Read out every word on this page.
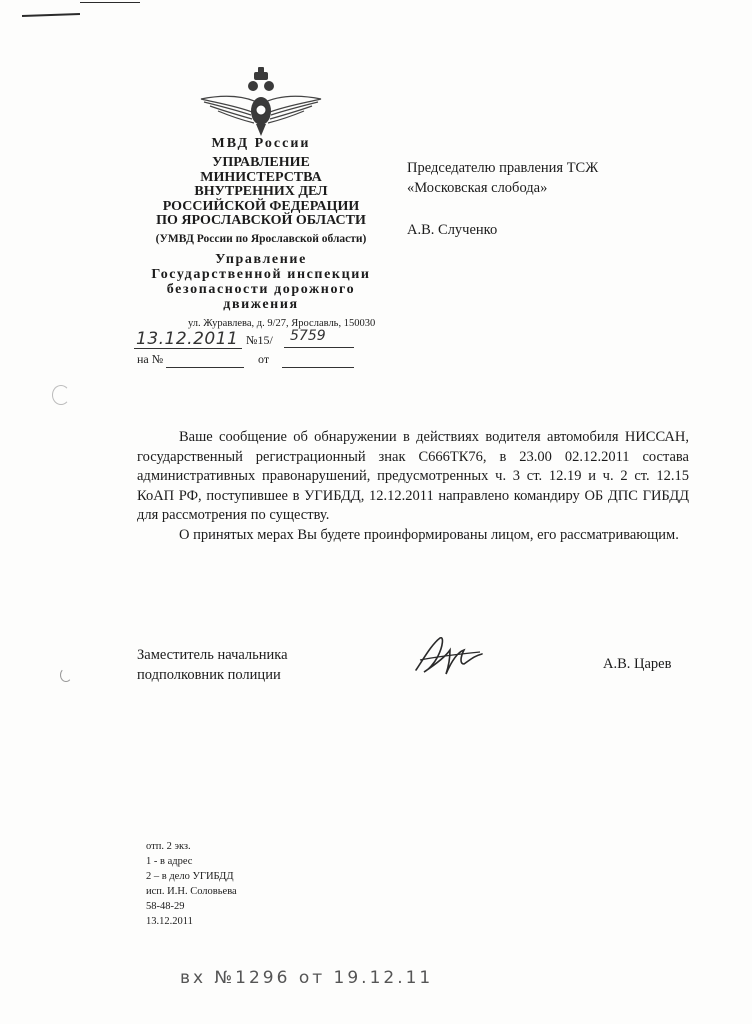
МВД России
УПРАВЛЕНИЕ
МИНИСТЕРСТВА
ВНУТРЕННИХ ДЕЛ
РОССИЙСКОЙ ФЕДЕРАЦИИ
ПО ЯРОСЛАВСКОЙ ОБЛАСТИ
(УМВД России по Ярославской области)
Управление
Государственной инспекции
безопасности дорожного
движения
ул. Журавлева, д. 9/27, Ярославль, 150030
13.12.2011 №15/ 5759
на №	от
Председателю правления ТСЖ
«Московская слобода»
А.В. Слученко

Ваше сообщение об обнаружении в действиях водителя автомобиля НИССАН, государственный регистрационный знак С666ТК76, в 23.00 02.12.2011 состава административных правонарушений, предусмотренных ч. 3 ст. 12.19 и ч. 2 ст. 12.15 КоАП РФ, поступившее в УГИБДД, 12.12.2011 направлено командиру ОБ ДПС ГИБДД для рассмотрения по существу.

О принятых мерах Вы будете проинформированы лицом, его рассматривающим.

Заместитель начальника
подполковник полиции
А.В. Царев
отп. 2 экз.
1 - в адрес
2 – в дело УГИБДД
исп. И.Н. Соловьева
58-48-29
13.12.2011
вх №1296 от 19.12.11
